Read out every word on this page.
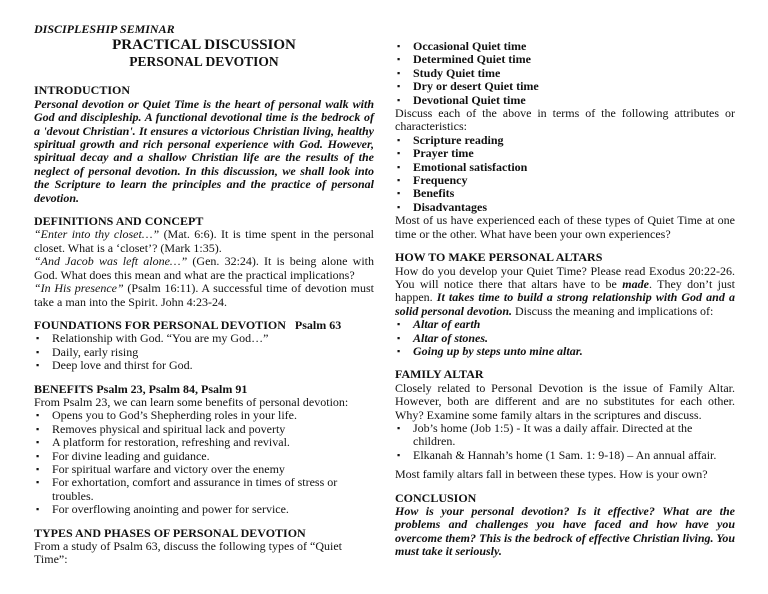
DISCIPLESHIP SEMINAR

PRACTICAL DISCUSSION

PERSONAL DEVOTION

INTRODUCTION

Personal devotion or Quiet Time is the heart of personal walk with God and discipleship. A functional devotional time is the bedrock of a 'devout Christian'. It ensures a victorious Christian living, healthy spiritual growth and rich personal experience with God. However, spiritual decay and a shallow Christian life are the results of the neglect of personal devotion. In this discussion, we shall look into the Scripture to learn the principles and the practice of personal devotion.

DEFINITIONS AND CONCEPT

“Enter into thy closet…” (Mat. 6:6). It is time spent in the personal closet. What is a ‘closet’? (Mark 1:35).

“And Jacob was left alone…” (Gen. 32:24). It is being alone with God. What does this mean and what are the practical implications?

“In His presence” (Psalm 16:11). A successful time of devotion must take a man into the Spirit. John 4:23-24.

FOUNDATIONS FOR PERSONAL DEVOTION   Psalm 63

▪ Relationship with God. “You are my God…”
▪ Daily, early rising
▪ Deep love and thirst for God.

BENEFITS Psalm 23, Psalm 84, Psalm 91

From Psalm 23, we can learn some benefits of personal devotion:

▪ Opens you to God’s Shepherding roles in your life.
▪ Removes physical and spiritual lack and poverty
▪ A platform for restoration, refreshing and revival.
▪ For divine leading and guidance.
▪ For spiritual warfare and victory over the enemy
▪ For exhortation, comfort and assurance in times of stress or troubles.
▪ For overflowing anointing and power for service.

TYPES AND PHASES OF PERSONAL DEVOTION

From a study of Psalm 63, discuss the following types of “Quiet Time”:

▪ Occasional Quiet time
▪ Determined Quiet time
▪ Study Quiet time
▪ Dry or desert Quiet time
▪ Devotional Quiet time

Discuss each of the above in terms of the following attributes or characteristics:

▪ Scripture reading
▪ Prayer time
▪ Emotional satisfaction
▪ Frequency
▪ Benefits
▪ Disadvantages

Most of us have experienced each of these types of Quiet Time at one time or the other. What have been your own experiences?

HOW TO MAKE PERSONAL ALTARS

How do you develop your Quiet Time? Please read Exodus 20:22-26. You will notice there that altars have to be made. They don’t just happen. It takes time to build a strong relationship with God and a solid personal devotion. Discuss the meaning and implications of:

▪ Altar of earth
▪ Altar of stones.
▪ Going up by steps unto mine altar.

FAMILY ALTAR

Closely related to Personal Devotion is the issue of Family Altar. However, both are different and are no substitutes for each other. Why? Examine some family altars in the scriptures and discuss.

▪ Job’s home (Job 1:5) - It was a daily affair. Directed at the children.
▪ Elkanah & Hannah’s home (1 Sam. 1: 9-18) – An annual affair.

Most family altars fall in between these types. How is your own?

CONCLUSION

How is your personal devotion? Is it effective? What are the problems and challenges you have faced and how have you overcome them? This is the bedrock of effective Christian living. You must take it seriously.
